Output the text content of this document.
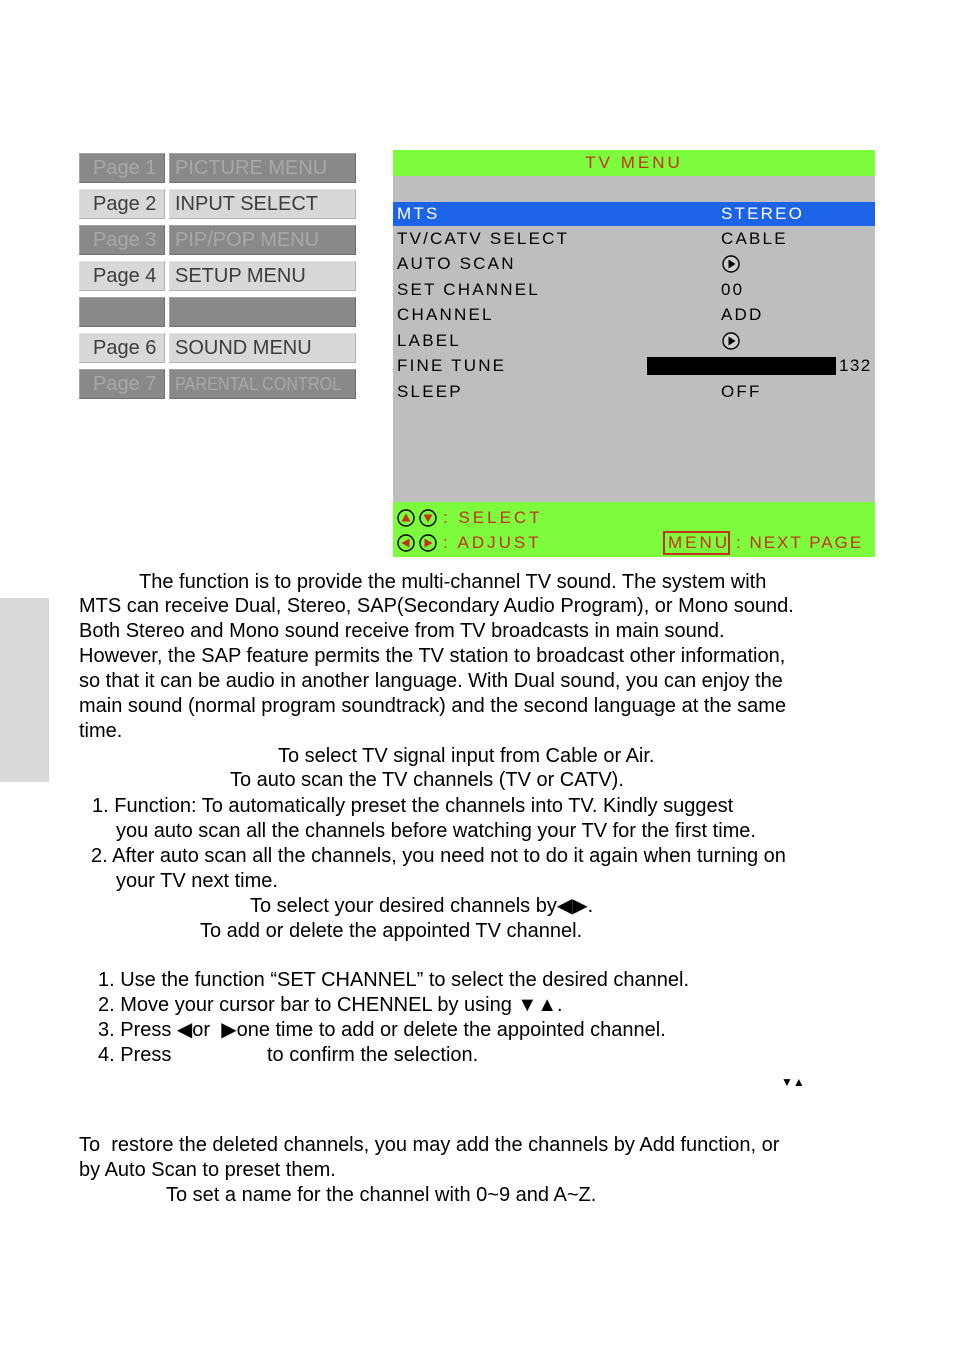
Page 1 PICTURE MENU
Page 2 INPUT SELECT
Page 3 PIP/POP MENU
Page 4 SETUP MENU
Page 6 SOUND MENU
Page 7	PARENTAL CONTROL
TV MENU
MTS	STEREO
TV/CATV SELECT	CABLE
AUTO SCAN
SET CHANNEL	00
CHANNEL	ADD
LABEL
FINE TUNE	132
SLEEP	OFF
: SELECT
: ADJUST	MENU : NEXT PAGE
The function is to provide the multi-channel TV sound. The system with
MTS can receive Dual, Stereo, SAP(Secondary Audio Program), or Mono sound.
Both Stereo and Mono sound receive from TV broadcasts in main sound.
However, the SAP feature permits the TV station to broadcast other information,
so that it can be audio in another language. With Dual sound, you can enjoy the
main sound (normal program soundtrack) and the second language at the same
time.
To select TV signal input from Cable or Air.
To auto scan the TV channels (TV or CATV).
1. Function: To automatically preset the channels into TV. Kindly suggest
you auto scan all the channels before watching your TV for the first time.
2. After auto scan all the channels, you need not to do it again when turning on
your TV next time.
To select your desired channels by◀▶.
To add or delete the appointed TV channel.
1. Use the function “SET CHANNEL” to select the desired channel.
2. Move your cursor bar to CHENNEL by using ▼▲.
3. Press ◀or  ▶one time to add or delete the appointed channel.
4. Press	to confirm the selection.
▼▲
To  restore the deleted channels, you may add the channels by Add function, or
by Auto Scan to preset them.
To set a name for the channel with 0~9 and A~Z.
